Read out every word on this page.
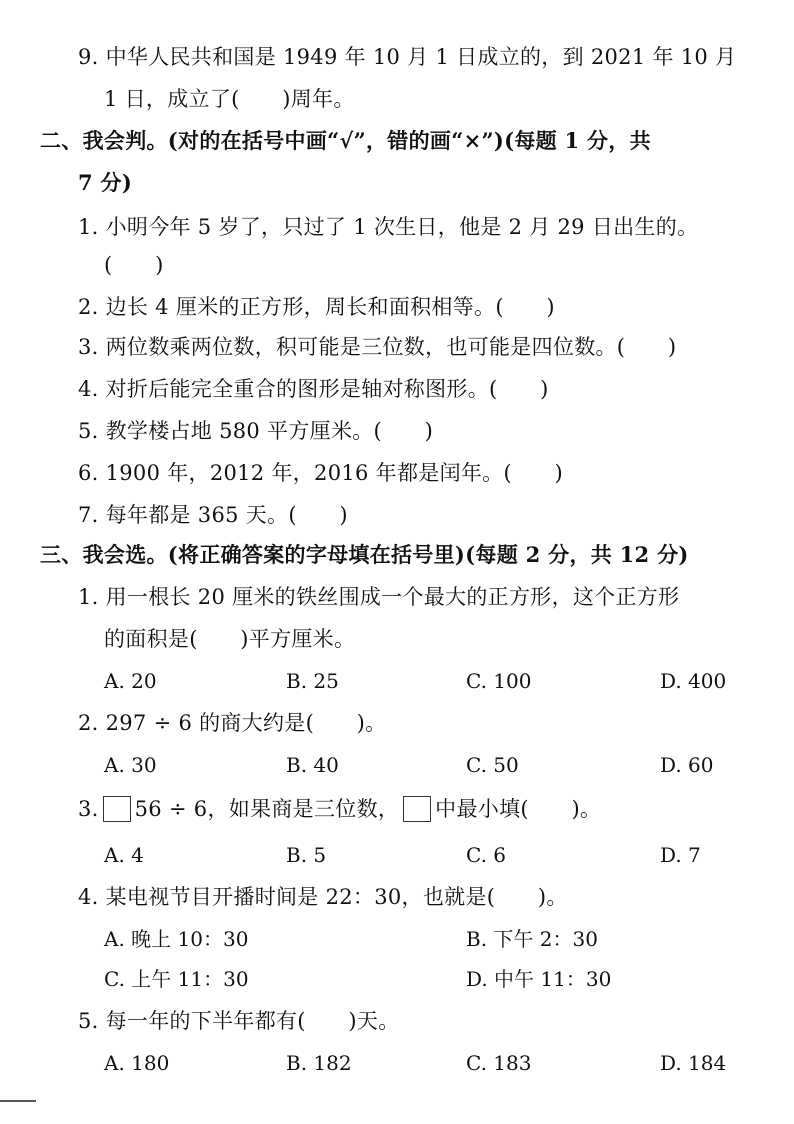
9. 中华人民共和国是 1949 年 10 月 1 日成立的，到 2021 年 10 月
1 日，成立了(　　)周年。
二、我会判。(对的在括号中画“√”，错的画“×”)(每题 1 分，共
7 分)
1. 小明今年 5 岁了，只过了 1 次生日，他是 2 月 29 日出生的。
(　　)
2. 边长 4 厘米的正方形，周长和面积相等。(　　)
3. 两位数乘两位数，积可能是三位数，也可能是四位数。(　　)
4. 对折后能完全重合的图形是轴对称图形。(　　)
5. 教学楼占地 580 平方厘米。(　　)
6. 1900 年，2012 年，2016 年都是闰年。(　　)
7. 每年都是 365 天。(　　)
三、我会选。(将正确答案的字母填在括号里)(每题 2 分，共 12 分)
1. 用一根长 20 厘米的铁丝围成一个最大的正方形，这个正方形
的面积是(　　)平方厘米。
A. 20	B. 25	C. 100	D. 400
2. 297 ÷ 6 的商大约是(　　)。
A. 30	B. 40	C. 50	D. 60
3. 56 ÷ 6，如果商是三位数， 中最小填(　　)。
A. 4	B. 5	C. 6	D. 7
4. 某电视节目开播时间是 22：30，也就是(　　)。
A. 晚上 10：30	B. 下午 2：30
C. 上午 11：30	D. 中午 11：30
5. 每一年的下半年都有(　　)天。
A. 180	B. 182	C. 183	D. 184
